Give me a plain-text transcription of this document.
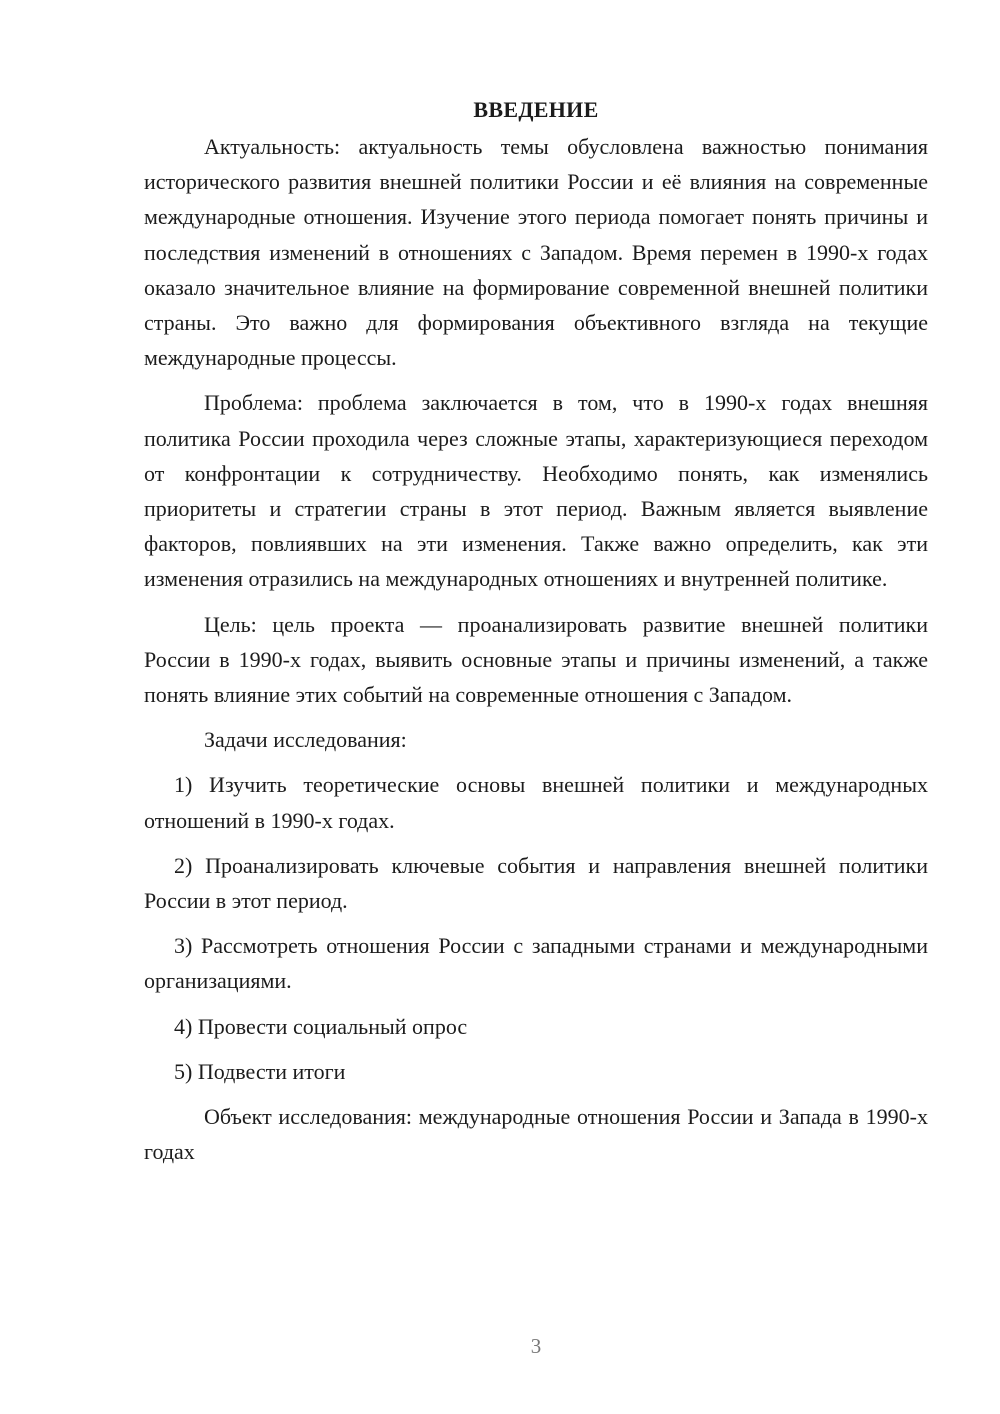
ВВЕДЕНИЕ

Актуальность: актуальность темы обусловлена важностью понимания исторического развития внешней политики России и её влияния на современные международные отношения. Изучение этого периода помогает понять причины и последствия изменений в отношениях с Западом. Время перемен в 1990-х годах оказало значительное влияние на формирование современной внешней политики страны. Это важно для формирования объективного взгляда на текущие международные процессы.

Проблема: проблема заключается в том, что в 1990-х годах внешняя политика России проходила через сложные этапы, характеризующиеся переходом от конфронтации к сотрудничеству. Необходимо понять, как изменялись приоритеты и стратегии страны в этот период. Важным является выявление факторов, повлиявших на эти изменения. Также важно определить, как эти изменения отразились на международных отношениях и внутренней политике.

Цель: цель проекта — проанализировать развитие внешней политики России в 1990-х годах, выявить основные этапы и причины изменений, а также понять влияние этих событий на современные отношения с Западом.

Задачи исследования:

1) Изучить теоретические основы внешней политики и международных отношений в 1990-х годах.

2) Проанализировать ключевые события и направления внешней политики России в этот период.

3) Рассмотреть отношения России с западными странами и международными организациями.

4) Провести социальный опрос

5) Подвести итоги

Объект исследования: международные отношения России и Запада в 1990-х годах

3
